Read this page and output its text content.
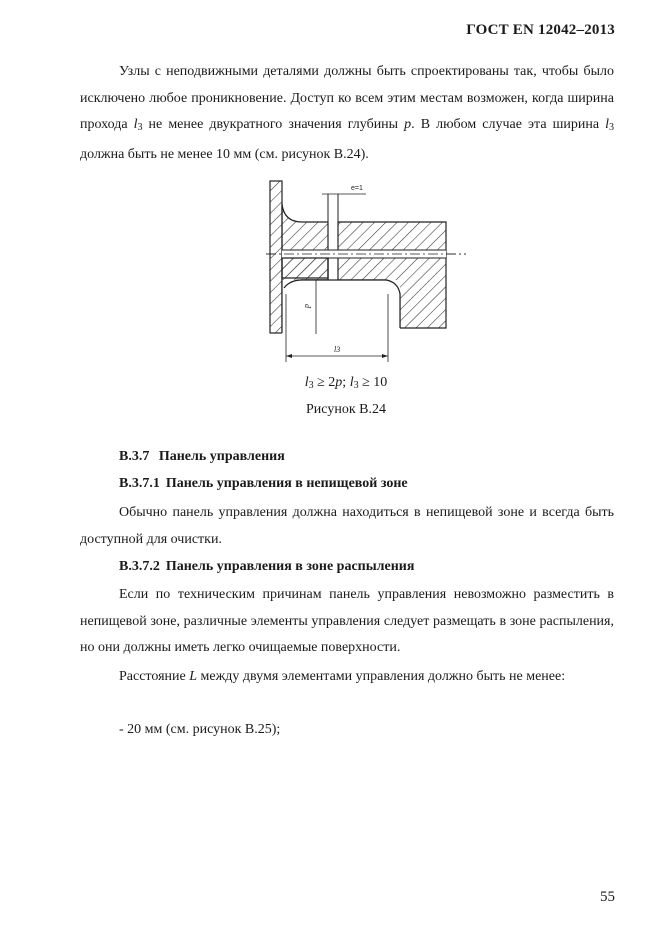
ГОСТ EN 12042–2013
Узлы с неподвижными деталями должны быть спроектированы так, чтобы было исключено любое проникновение. Доступ ко всем этим местам возможен, когда ширина прохода $l_3$ не менее двукратного значения глубины p. В любом случае эта ширина $l_3$ должна быть не менее 10 мм (см. рисунок В.24).
e=1
p
l3
$l_3 \ge 2p$; $l_3 \ge 10$
Рисунок В.24
В.3.7 Панель управления
В.3.7.1 Панель управления в непищевой зоне
Обычно панель управления должна находиться в непищевой зоне и всегда быть доступной для очистки.
В.3.7.2 Панель управления в зоне распыления
Если по техническим причинам панель управления невозможно разместить в непищевой зоне, различные элементы управления следует размещать в зоне распыления, но они должны иметь легко очищаемые поверхности.
Расстояние L между двумя элементами управления должно быть не менее:
- 20 мм (см. рисунок В.25);
55
